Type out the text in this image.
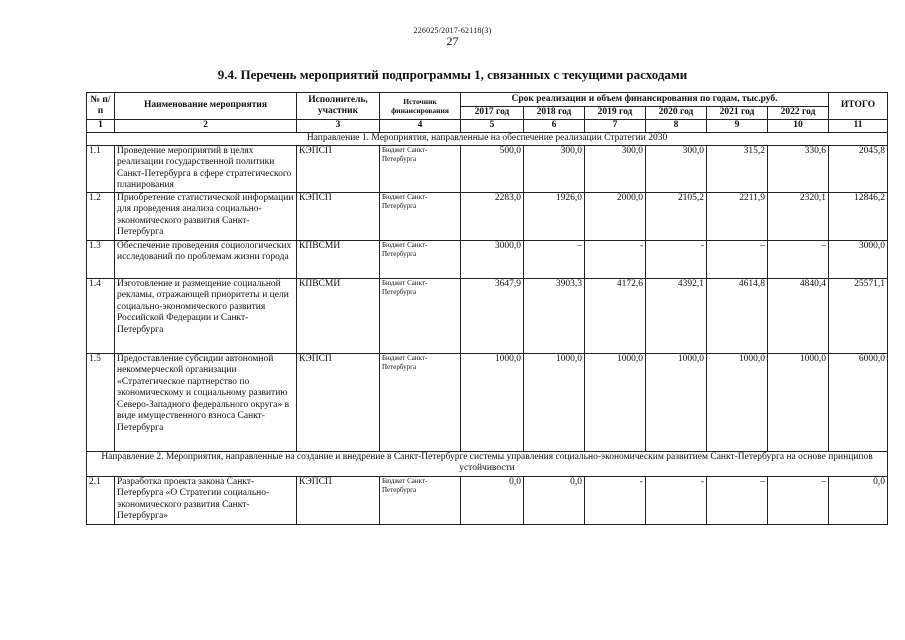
226025/2017-62118(3)
27
9.4. Перечень мероприятий подпрограммы 1, связанных с текущими расходами
№ п/п	Наименование мероприятия	Исполнитель, участник	Источник финансирования	Срок реализации и объем финансирования по годам, тыс.руб.						ИТОГО
				2017 год	2018 год	2019 год	2020 год	2021 год	2022 год	
1	2	3	4	5	6	7	8	9	10	11
Направление 1. Мероприятия, направленные на обеспечение реализации Стратегии 2030										
1.1	Проведение мероприятий в целях реализации государственной политики Санкт-Петербурга в сфере стратегического планирования	КЭПСП	Бюджет Санкт-Петербурга	500,0	300,0	300,0	300,0	315,2	330,6	2045,8
1.2	Приобретение статистической информации для проведения анализа социально-экономического развития Санкт-Петербурга	КЭПСП	Бюджет Санкт-Петербурга	2283,0	1926,0	2000,0	2105,2	2211,9	2320,1	12846,2
1.3	Обеспечение проведения социологических исследований по проблемам жизни города	КПВСМИ	Бюджет Санкт-Петербурга	3000,0	–	-	-	–	–	3000,0
1.4	Изготовление и размещение социальной рекламы, отражающей приоритеты и цели социально-экономического развития Российской Федерации и Санкт-Петербурга	КПВСМИ	Бюджет Санкт-Петербурга	3647,9	3903,3	4172,6	4392,1	4614,8	4840,4	25571,1
1.5	Предоставление субсидии автономной некоммерческой организации «Стратегическое партнерство по экономическому и социальному развитию Северо-Западного федерального округа» в виде имущественного взноса Санкт-Петербурга	КЭПСП	Бюджет Санкт-Петербурга	1000,0	1000,0	1000,0	1000,0	1000,0	1000,0	6000,0
Направление 2. Мероприятия, направленные на создание и внедрение в Санкт-Петербурге системы управления социально-экономическим развитием Санкт-Петербурга на основе принципов устойчивости										
2.1	Разработка проекта закона Санкт-Петербурга «О Стратегии социально-экономического развития Санкт-Петербурга»	КЭПСП	Бюджет Санкт-Петербурга	0,0	0,0	-	-	–	–	0,0
